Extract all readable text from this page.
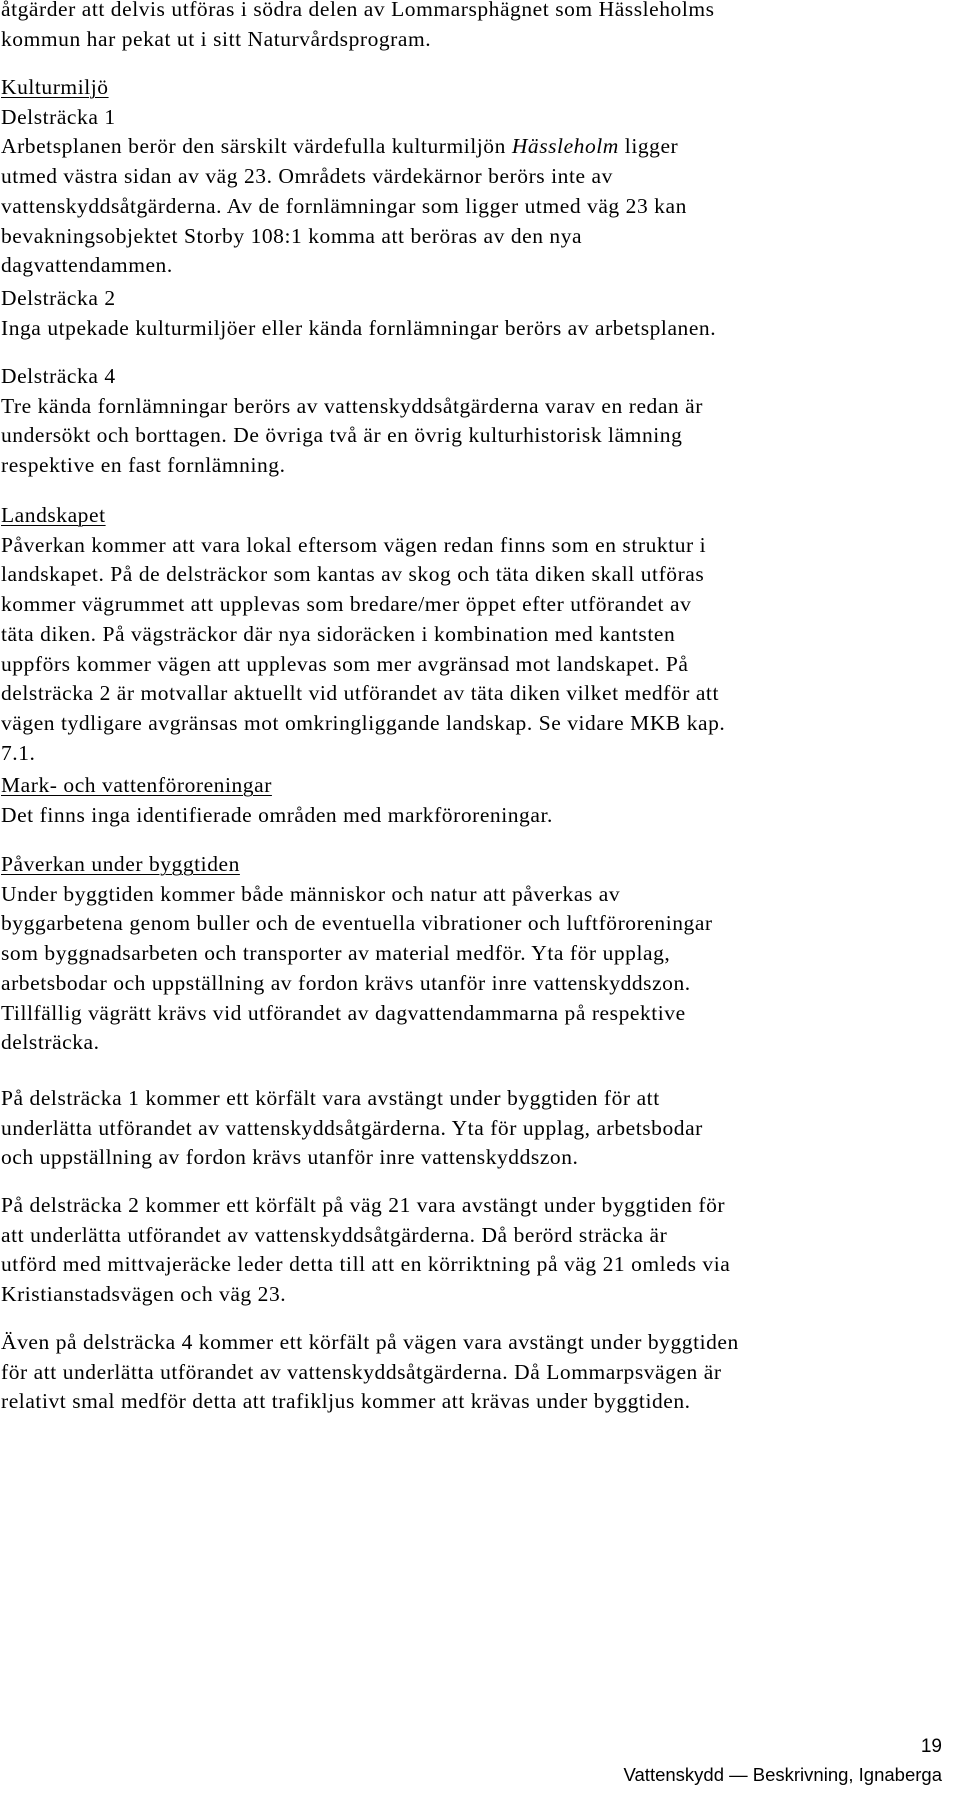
åtgärder att delvis utföras i södra delen av Lommarsphägnet som Hässleholms
kommun har pekat ut i sitt Naturvårdsprogram.

Kulturmiljö
Delsträcka 1
Arbetsplanen berör den särskilt värdefulla kulturmiljön Hässleholm ligger
utmed västra sidan av väg 23. Områdets värdekärnor berörs inte av
vattenskyddsåtgärderna. Av de fornlämningar som ligger utmed väg 23 kan
bevakningsobjektet Storby 108:1 komma att beröras av den nya
dagvattendammen.

Delsträcka 2
Inga utpekade kulturmiljöer eller kända fornlämningar berörs av arbetsplanen.

Delsträcka 4
Tre kända fornlämningar berörs av vattenskyddsåtgärderna varav en redan är
undersökt och borttagen. De övriga två är en övrig kulturhistorisk lämning
respektive en fast fornlämning.

Landskapet
Påverkan kommer att vara lokal eftersom vägen redan finns som en struktur i
landskapet. På de delsträckor som kantas av skog och täta diken skall utföras
kommer vägrummet att upplevas som bredare/mer öppet efter utförandet av
täta diken. På vägsträckor där nya sidoräcken i kombination med kantsten
uppförs kommer vägen att upplevas som mer avgränsad mot landskapet. På
delsträcka 2 är motvallar aktuellt vid utförandet av täta diken vilket medför att
vägen tydligare avgränsas mot omkringliggande landskap. Se vidare MKB kap.
7.1.

Mark- och vattenföroreningar
Det finns inga identifierade områden med markföroreningar.

Påverkan under byggtiden
Under byggtiden kommer både människor och natur att påverkas av
byggarbetena genom buller och de eventuella vibrationer och luftföroreningar
som byggnadsarbeten och transporter av material medför. Yta för upplag,
arbetsbodar och uppställning av fordon krävs utanför inre vattenskyddszon.
Tillfällig vägrätt krävs vid utförandet av dagvattendammarna på respektive
delsträcka.

På delsträcka 1 kommer ett körfält vara avstängt under byggtiden för att
underlätta utförandet av vattenskyddsåtgärderna. Yta för upplag, arbetsbodar
och uppställning av fordon krävs utanför inre vattenskyddszon.

På delsträcka 2 kommer ett körfält på väg 21 vara avstängt under byggtiden för
att underlätta utförandet av vattenskyddsåtgärderna. Då berörd sträcka är
utförd med mittvajeräcke leder detta till att en körriktning på väg 21 omleds via
Kristianstadsvägen och väg 23.

Även på delsträcka 4 kommer ett körfält på vägen vara avstängt under byggtiden
för att underlätta utförandet av vattenskyddsåtgärderna. Då Lommarpsvägen är
relativt smal medför detta att trafikljus kommer att krävas under byggtiden.

19
Vattenskydd — Beskrivning, Ignaberga
